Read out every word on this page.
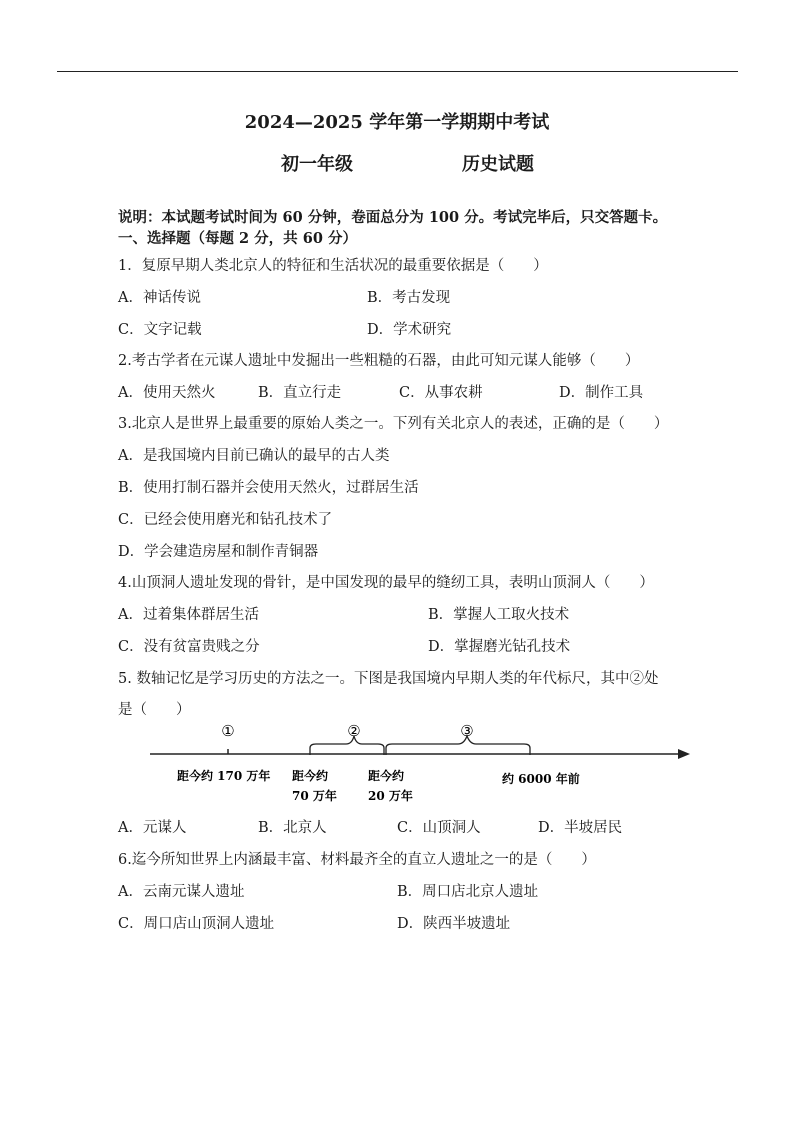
2024—2025 学年第一学期期中考试
初一年级	历史试题
说明：本试题考试时间为 60 分钟，卷面总分为 100 分。考试完毕后，只交答题卡。
一、选择题（每题 2 分，共 60 分）
1．复原早期人类北京人的特征和生活状况的最重要依据是（　　）
A．神话传说	B．考古发现
C．文字记载	D．学术研究
2.考古学者在元谋人遗址中发掘出一些粗糙的石器，由此可知元谋人能够（　　）
A．使用天然火	B．直立行走	C．从事农耕	D．制作工具
3.北京人是世界上最重要的原始人类之一。下列有关北京人的表述，正确的是（　　）
A．是我国境内目前已确认的最早的古人类
B．使用打制石器并会使用天然火，过群居生活
C．已经会使用磨光和钻孔技术了
D．学会建造房屋和制作青铜器
4.山顶洞人遗址发现的骨针，是中国发现的最早的缝纫工具，表明山顶洞人（　　）
A．过着集体群居生活	B．掌握人工取火技术
C．没有贫富贵贱之分	D．掌握磨光钻孔技术
5. 数轴记忆是学习历史的方法之一。下图是我国境内早期人类的年代标尺，其中②处
是（　　）
①	②	③
距今约 170 万年 距今约
70 万年
距今约
20 万年
约 6000 年前
A．元谋人	B．北京人	C．山顶洞人	D．半坡居民
6.迄今所知世界上内涵最丰富、材料最齐全的直立人遗址之一的是（　　）
A．云南元谋人遗址	B．周口店北京人遗址
C．周口店山顶洞人遗址	D．陕西半坡遗址
